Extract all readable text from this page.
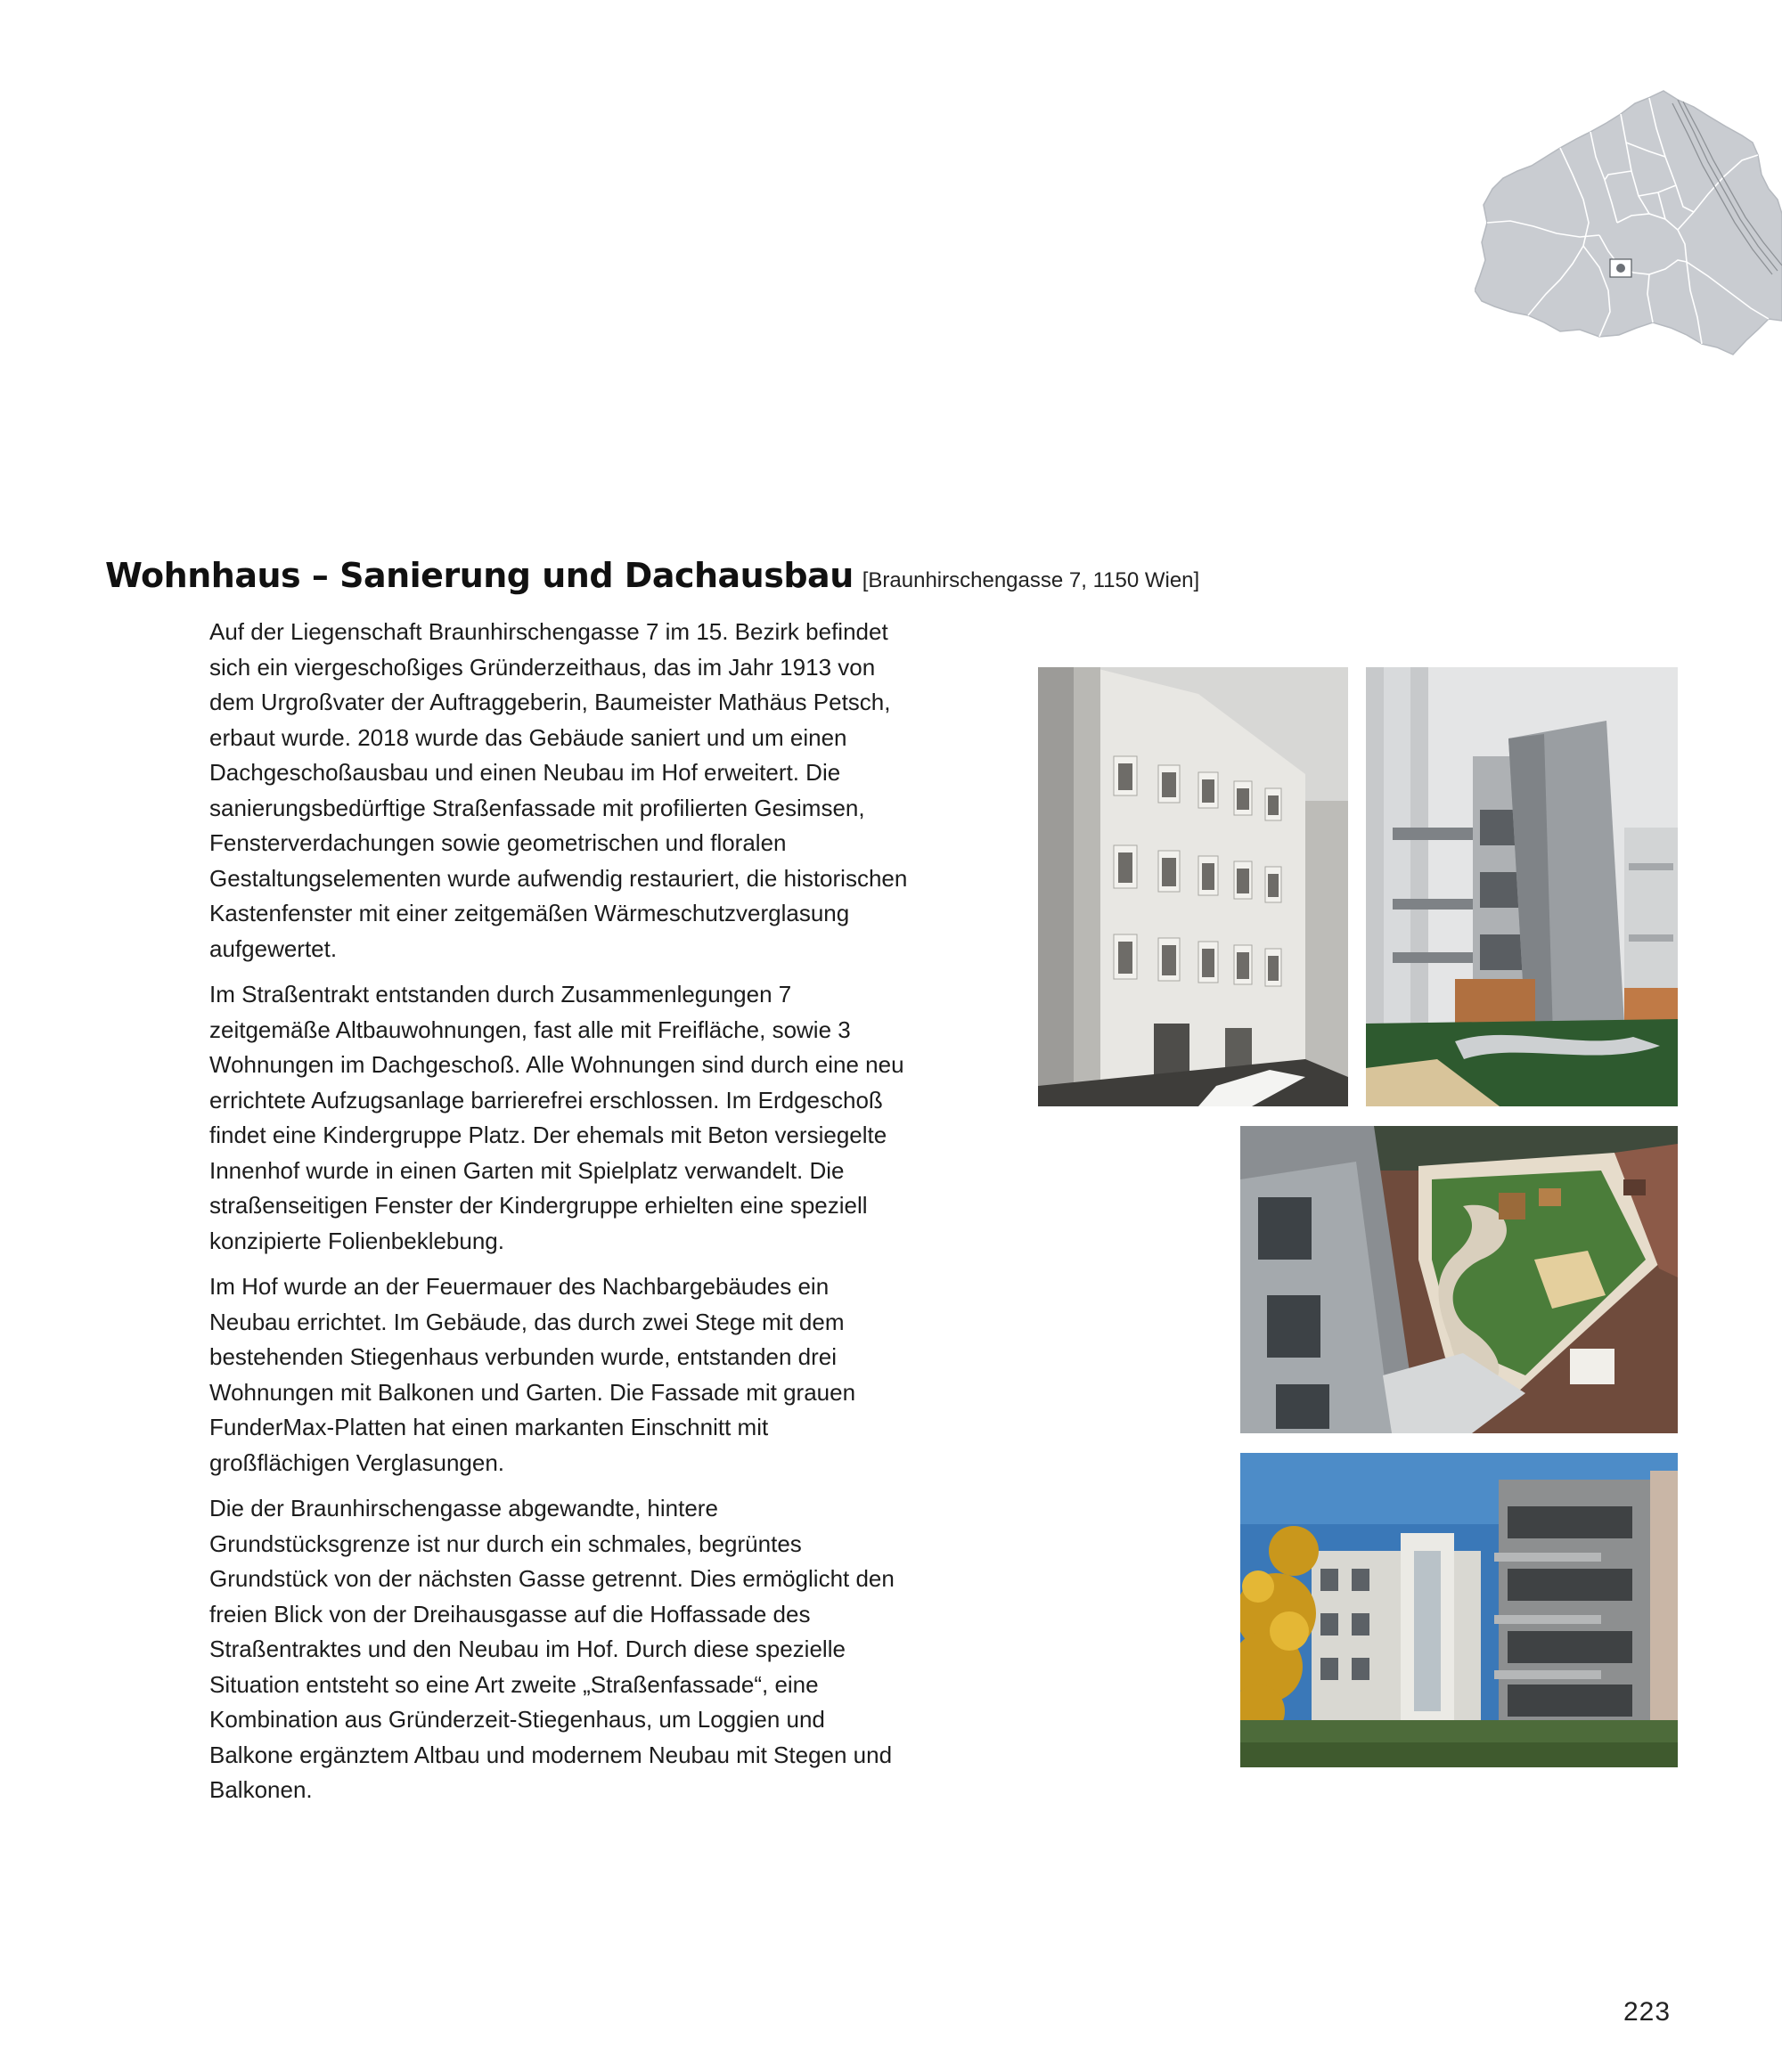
Wohnhaus – Sanierung und Dachausbau [Braunhirschengasse 7, 1150 Wien]

Auf der Liegenschaft Braunhirschengasse 7 im 15. Bezirk befindet sich ein viergeschoßiges Gründerzeithaus, das im Jahr 1913 von dem Urgroßvater der Auftraggeberin, Baumeister Mathäus Petsch, erbaut wurde. 2018 wurde das Gebäude saniert und um einen Dachgeschoßausbau und einen Neubau im Hof erweitert. Die sanierungsbedürftige Straßenfassade mit profilierten Gesimsen, Fensterverdachungen sowie geometrischen und floralen Gestaltungselementen wurde aufwendig restauriert, die historischen Kastenfenster mit einer zeitgemäßen Wärmeschutzverglasung aufgewertet.

Im Straßentrakt entstanden durch Zusammenlegungen 7 zeitgemäße Altbauwohnungen, fast alle mit Freifläche, sowie 3 Wohnungen im Dachgeschoß. Alle Wohnungen sind durch eine neu errichtete Aufzugsanlage barrierefrei erschlossen. Im Erdgeschoß findet eine Kindergruppe Platz. Der ehemals mit Beton versiegelte Innenhof wurde in einen Garten mit Spielplatz verwandelt. Die straßenseitigen Fenster der Kindergruppe erhielten eine speziell konzipierte Folienbeklebung.

Im Hof wurde an der Feuermauer des Nachbargebäudes ein Neubau errichtet. Im Gebäude, das durch zwei Stege mit dem bestehenden Stiegenhaus verbunden wurde, entstanden drei Wohnungen mit Balkonen und Garten. Die Fassade mit grauen FunderMax-Platten hat einen markanten Einschnitt mit großflächigen Verglasungen.

Die der Braunhirschengasse abgewandte, hintere Grundstücksgrenze ist nur durch ein schmales, begrüntes Grundstück von der nächsten Gasse getrennt. Dies ermöglicht den freien Blick von der Dreihausgasse auf die Hoffassade des Straßentraktes und den Neubau im Hof. Durch diese spezielle Situation entsteht so eine Art zweite „Straßenfassade“, eine Kombination aus Gründerzeit-Stiegenhaus, um Loggien und Balkone ergänztem Altbau und modernem Neubau mit Stegen und Balkonen.

223
